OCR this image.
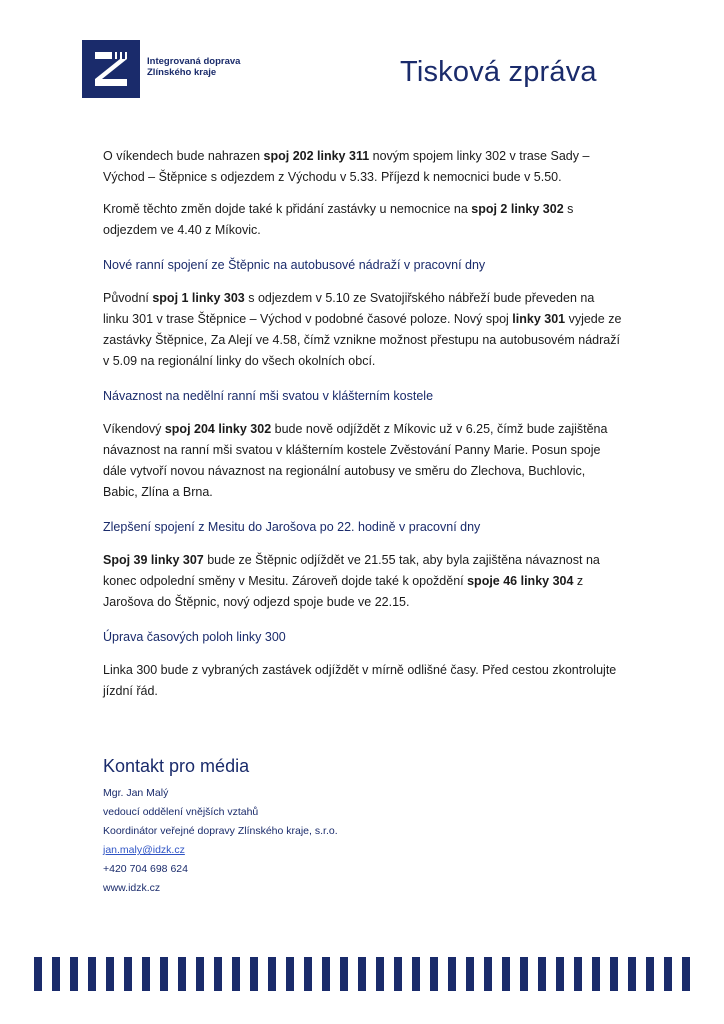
Integrovaná doprava
Zlínského kraje	Tisková zpráva

O víkendech bude nahrazen spoj 202 linky 311 novým spojem linky 302 v trase Sady – Východ – Štěpnice s odjezdem z Východu v 5.33. Příjezd k nemocnici bude v 5.50.

Kromě těchto změn dojde také k přidání zastávky u nemocnice na spoj 2 linky 302 s odjezdem ve 4.40 z Míkovic.

Nové ranní spojení ze Štěpnic na autobusové nádraží v pracovní dny

Původní spoj 1 linky 303 s odjezdem v 5.10 ze Svatojiřského nábřeží bude převeden na linku 301 v trase Štěpnice – Východ v podobné časové poloze. Nový spoj linky 301 vyjede ze zastávky Štěpnice, Za Alejí ve 4.58, čímž vznikne možnost přestupu na autobusovém nádraží v 5.09 na regionální linky do všech okolních obcí.

Návaznost na nedělní ranní mši svatou v klášterním kostele

Víkendový spoj 204 linky 302 bude nově odjíždět z Míkovic už v 6.25, čímž bude zajištěna návaznost na ranní mši svatou v klášterním kostele Zvěstování Panny Marie. Posun spoje dále vytvoří novou návaznost na regionální autobusy ve směru do Zlechova, Buchlovic, Babic, Zlína a Brna.

Zlepšení spojení z Mesitu do Jarošova po 22. hodině v pracovní dny

Spoj 39 linky 307 bude ze Štěpnic odjíždět ve 21.55 tak, aby byla zajištěna návaznost na konec odpolední směny v Mesitu. Zároveň dojde také k opoždění spoje 46 linky 304 z Jarošova do Štěpnic, nový odjezd spoje bude ve 22.15.

Úprava časových poloh linky 300

Linka 300 bude z vybraných zastávek odjíždět v mírně odlišné časy. Před cestou zkontrolujte jízdní řád.

Kontakt pro média
Mgr. Jan Malý
vedoucí oddělení vnějších vztahů
Koordinátor veřejné dopravy Zlínského kraje, s.r.o.
jan.maly@idzk.cz
+420 704 698 624
www.idzk.cz
